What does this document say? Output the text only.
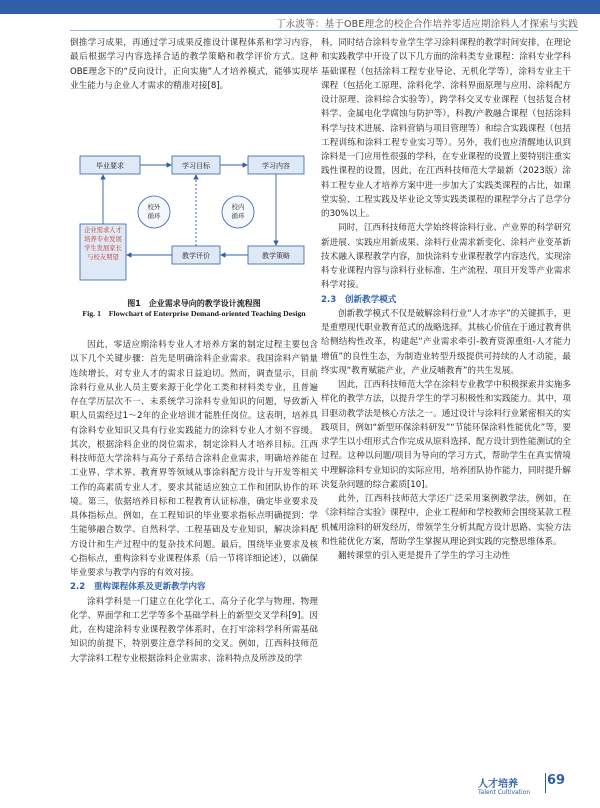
丁永波等：基于OBE理念的校企合作培养零适应期涂料人才探索与实践

倒推学习成果，再通过学习成果反推设计课程体系和学习内容，最后根据学习内容选择合适的教学策略和教学评价方式。这种OBE理念下的“反向设计，正向实施”人才培养模式，能够实现毕业生能力与企业人才需求的精准对接[8]。

毕业要求	学习目标	学习内容
企业需求人才培养专业发展学生发展家长与校友期望	教学评价	教学策略
校外
循环
校内
循环
图1　企业需求导向的教学设计流程图
Fig. 1　Flowchart of Enterprise Demand-oriented Teaching Design

因此，零适应期涂料专业人才培养方案的制定过程主要包含以下几个关键步骤：首先是明确涂料企业需求。我国涂料产销量连续增长，对专业人才的需求日益迫切。然而，调查显示，目前涂料行业从业人员主要来源于化学化工类和材料类专业，且普遍存在学历层次不一、未系统学习涂料专业知识的问题，导致新入职人员需经过1～2年的企业培训才能胜任岗位。这表明，培养具有涂料专业知识又具有行业实践能力的涂料专业人才刻不容缓。其次，根据涂料企业的岗位需求，制定涂料人才培养目标。江西科技师范大学涂料与高分子系结合涂料企业需求，明确培养能在工业界、学术界、教育界等领域从事涂料配方设计与开发等相关工作的高素质专业人才，要求其能适应独立工作和团队协作的环境。第三，依据培养目标和工程教育认证标准，确定毕业要求及具体指标点。例如，在工程知识的毕业要求指标点明确提到：学生能够融合数学、自然科学、工程基础及专业知识，解决涂料配方设计和生产过程中的复杂技术问题。最后，围绕毕业要求及核心指标点，重构涂料专业课程体系（后一节将详细论述），以确保毕业要求与教学内容的有效对接。

2.2　重构课程体系及更新教学内容

涂料学科是一门建立在化学化工、高分子化学与物理、物理化学、界面学和工艺学等多个基础学科上的新型交叉学科[9]。因此，在构建涂料专业课程教学体系时，在打牢涂料学科所需基础知识的前提下，特别要注意学科间的交叉。例如，江西科技师范大学涂料工程专业根据涂料企业需求、涂料特点及所涉及的学

科，同时结合涂料专业学生学习涂料课程的教学时间安排，在理论和实践教学中开设了以下几方面的涂料类专业课程：涂料专业学科基础课程（包括涂料工程专业导论、无机化学等），涂料专业主干课程（包括化工原理、涂料化学、涂料界面原理与应用、涂料配方设计原理、涂料综合实验等），跨学科交叉专业课程（包括复合材料学、金属电化学腐蚀与防护等），科教/产教融合课程（包括涂料科学与技术进展、涂料营销与项目管理等）和综合实践课程（包括工程训练和涂料工程专业实习等）。另外，我们也应清醒地认识到涂料是一门应用性很强的学科，在专业课程的设置上要特别注重实践性课程的设置，因此，在江西科技师范大学最新（2023版）涂料工程专业人才培养方案中进一步加大了实践类课程的占比，如课堂实验、工程实践及毕业论文等实践类课程的课程学分占了总学分的30%以上。

同时，江西科技师范大学始终将涂料行业、产业界的科学研究新进展、实践应用新成果、涂料行业需求新变化、涂料产业变革新技术融入课程教学内容，加快涂料专业课程教学内容迭代，实现涂料专业课程内容与涂料行业标准、生产流程、项目开发等产业需求科学对接。

2.3　创新教学模式

创新教学模式不仅是破解涂料行业“人才赤字”的关键抓手，更是重塑现代职业教育范式的战略选择。其核心价值在于通过教育供给侧结构性改革，构建起“产业需求牵引-教育资源重组-人才能力增值”的良性生态，为制造业转型升级提供可持续的人才动能，最终实现“教育赋能产业，产业反哺教育”的共生发展。

因此，江西科技师范大学在涂料专业教学中积极探索并实施多样化的教学方法，以提升学生的学习积极性和实践能力。其中，项目驱动教学法是核心方法之一。通过设计与涂料行业紧密相关的实践项目，例如“新型环保涂料研发”“节能环保涂料性能优化”等，要求学生以小组形式合作完成从原料选择、配方设计到性能测试的全过程。这种以问题/项目为导向的学习方式，帮助学生在真实情境中理解涂料专业知识的实际应用，培养团队协作能力，同时提升解决复杂问题的综合素质[10]。

此外，江西科技师范大学还广泛采用案例教学法，例如，在《涂料综合实验》课程中，企业工程师和学校教师会围绕某款工程机械用涂料的研发经历，带领学生分析其配方设计思路、实验方法和性能优化方案，帮助学生掌握从理论到实践的完整思维体系。

翻转课堂的引入更是提升了学生的学习主动性

人才培养
Talent Cultivation
69
